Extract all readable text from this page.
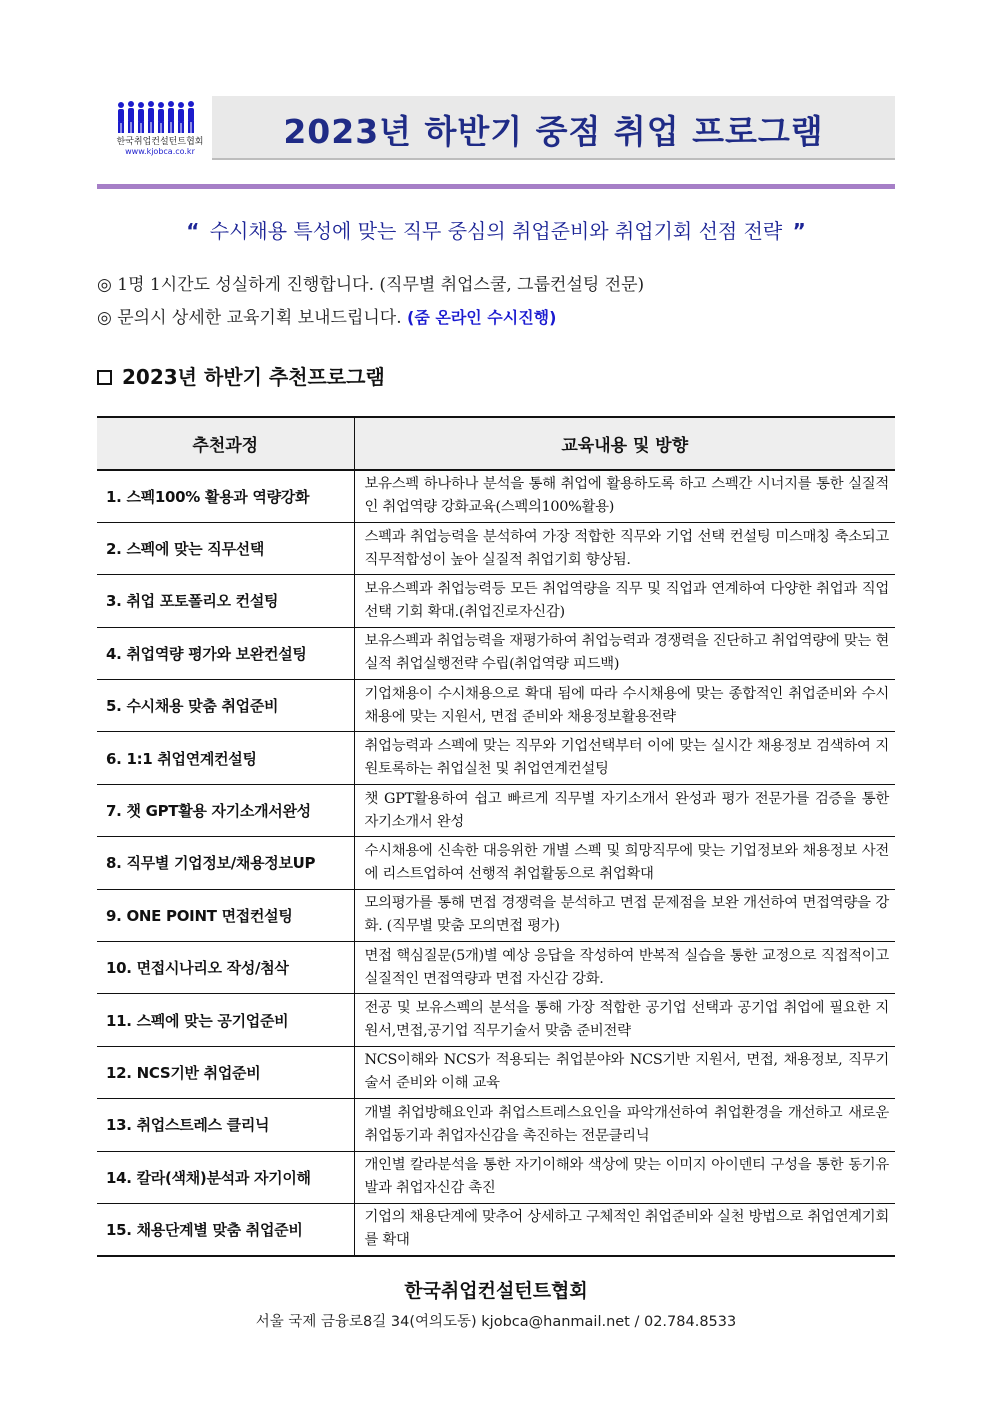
한국취업컨설턴트협회
www.kjobca.co.kr
2023년 하반기 중점 취업 프로그램
“ 수시채용 특성에 맞는 직무 중심의 취업준비와 취업기회 선점 전략 ”
◎ 1명 1시간도 성실하게 진행합니다. (직무별 취업스쿨, 그룹컨설팅 전문)
◎ 문의시 상세한 교육기획 보내드립니다. (줌 온라인 수시진행)
2023년 하반기 추천프로그램
추천과정	교육내용 및 방향
1. 스펙100% 활용과 역량강화	보유스펙 하나하나 분석을 통해 취업에 활용하도록 하고 스펙간 시너지를 통한 실질적인 취업역량 강화교육(스펙의100%활용)
2. 스펙에 맞는 직무선택	스펙과 취업능력을 분석하여 가장 적합한 직무와 기업 선택 컨설팅 미스매칭 축소되고 직무적합성이 높아 실질적 취업기회 향상됨.
3. 취업 포토폴리오 컨설팅	보유스펙과 취업능력등 모든 취업역량을 직무 및 직업과 연계하여 다양한 취업과 직업선택 기회 확대.(취업진로자신감)
4. 취업역량 평가와 보완컨설팅	보유스펙과 취업능력을 재평가하여 취업능력과 경쟁력을 진단하고 취업역량에 맞는 현실적 취업실행전략 수립(취업역량 피드백)
5. 수시채용 맞춤 취업준비	기업채용이 수시채용으로 확대 됨에 따라 수시채용에 맞는 종합적인 취업준비와 수시채용에 맞는 지원서, 면접 준비와 채용정보활용전략
6. 1:1 취업연계컨설팅	취업능력과 스펙에 맞는 직무와 기업선택부터 이에 맞는 실시간 채용정보 검색하여 지원토록하는 취업실천 및 취업연계컨설팅
7. 챗 GPT활용 자기소개서완성	챗 GPT활용하여 쉽고 빠르게 직무별 자기소개서 완성과 평가 전문가를 검증을 통한 자기소개서 완성
8. 직무별 기업정보/채용정보UP	수시채용에 신속한 대응위한 개별 스펙 및 희망직무에 맞는 기업정보와 채용정보 사전에 리스트업하여 선행적 취업활동으로 취업확대
9. ONE POINT 면접컨설팅	모의평가를 통해 면접 경쟁력을 분석하고 면접 문제점을 보완 개선하여 면접역량을 강화. (직무별 맞춤 모의면접 평가)
10. 면접시나리오 작성/첨삭	면접 핵심질문(5개)별 예상 응답을 작성하여 반복적 실습을 통한 교정으로 직접적이고 실질적인 면접역량과 면접 자신감 강화.
11. 스펙에 맞는 공기업준비	전공 및 보유스펙의 분석을 통해 가장 적합한 공기업 선택과 공기업 취업에 필요한 지원서,면접,공기업 직무기술서 맞춤 준비전략
12. NCS기반 취업준비	NCS이해와 NCS가 적용되는 취업분야와 NCS기반 지원서, 면접, 채용정보, 직무기술서 준비와 이해 교육
13. 취업스트레스 클리닉	개별 취업방해요인과 취업스트레스요인을 파악개선하여 취업환경을 개선하고 새로운 취업동기과 취업자신감을 촉진하는 전문클리닉
14. 칼라(색채)분석과 자기이해	개인별 칼라분석을 통한 자기이해와 색상에 맞는 이미지 아이덴티 구성을 통한 동기유발과 취업자신감 촉진
15. 채용단계별 맞춤 취업준비	기업의 채용단계에 맞추어 상세하고 구체적인 취업준비와 실천 방법으로 취업연계기회를 확대
한국취업컨설턴트협회
서울 국제 금융로8길 34(여의도동) kjobca@hanmail.net / 02.784.8533
